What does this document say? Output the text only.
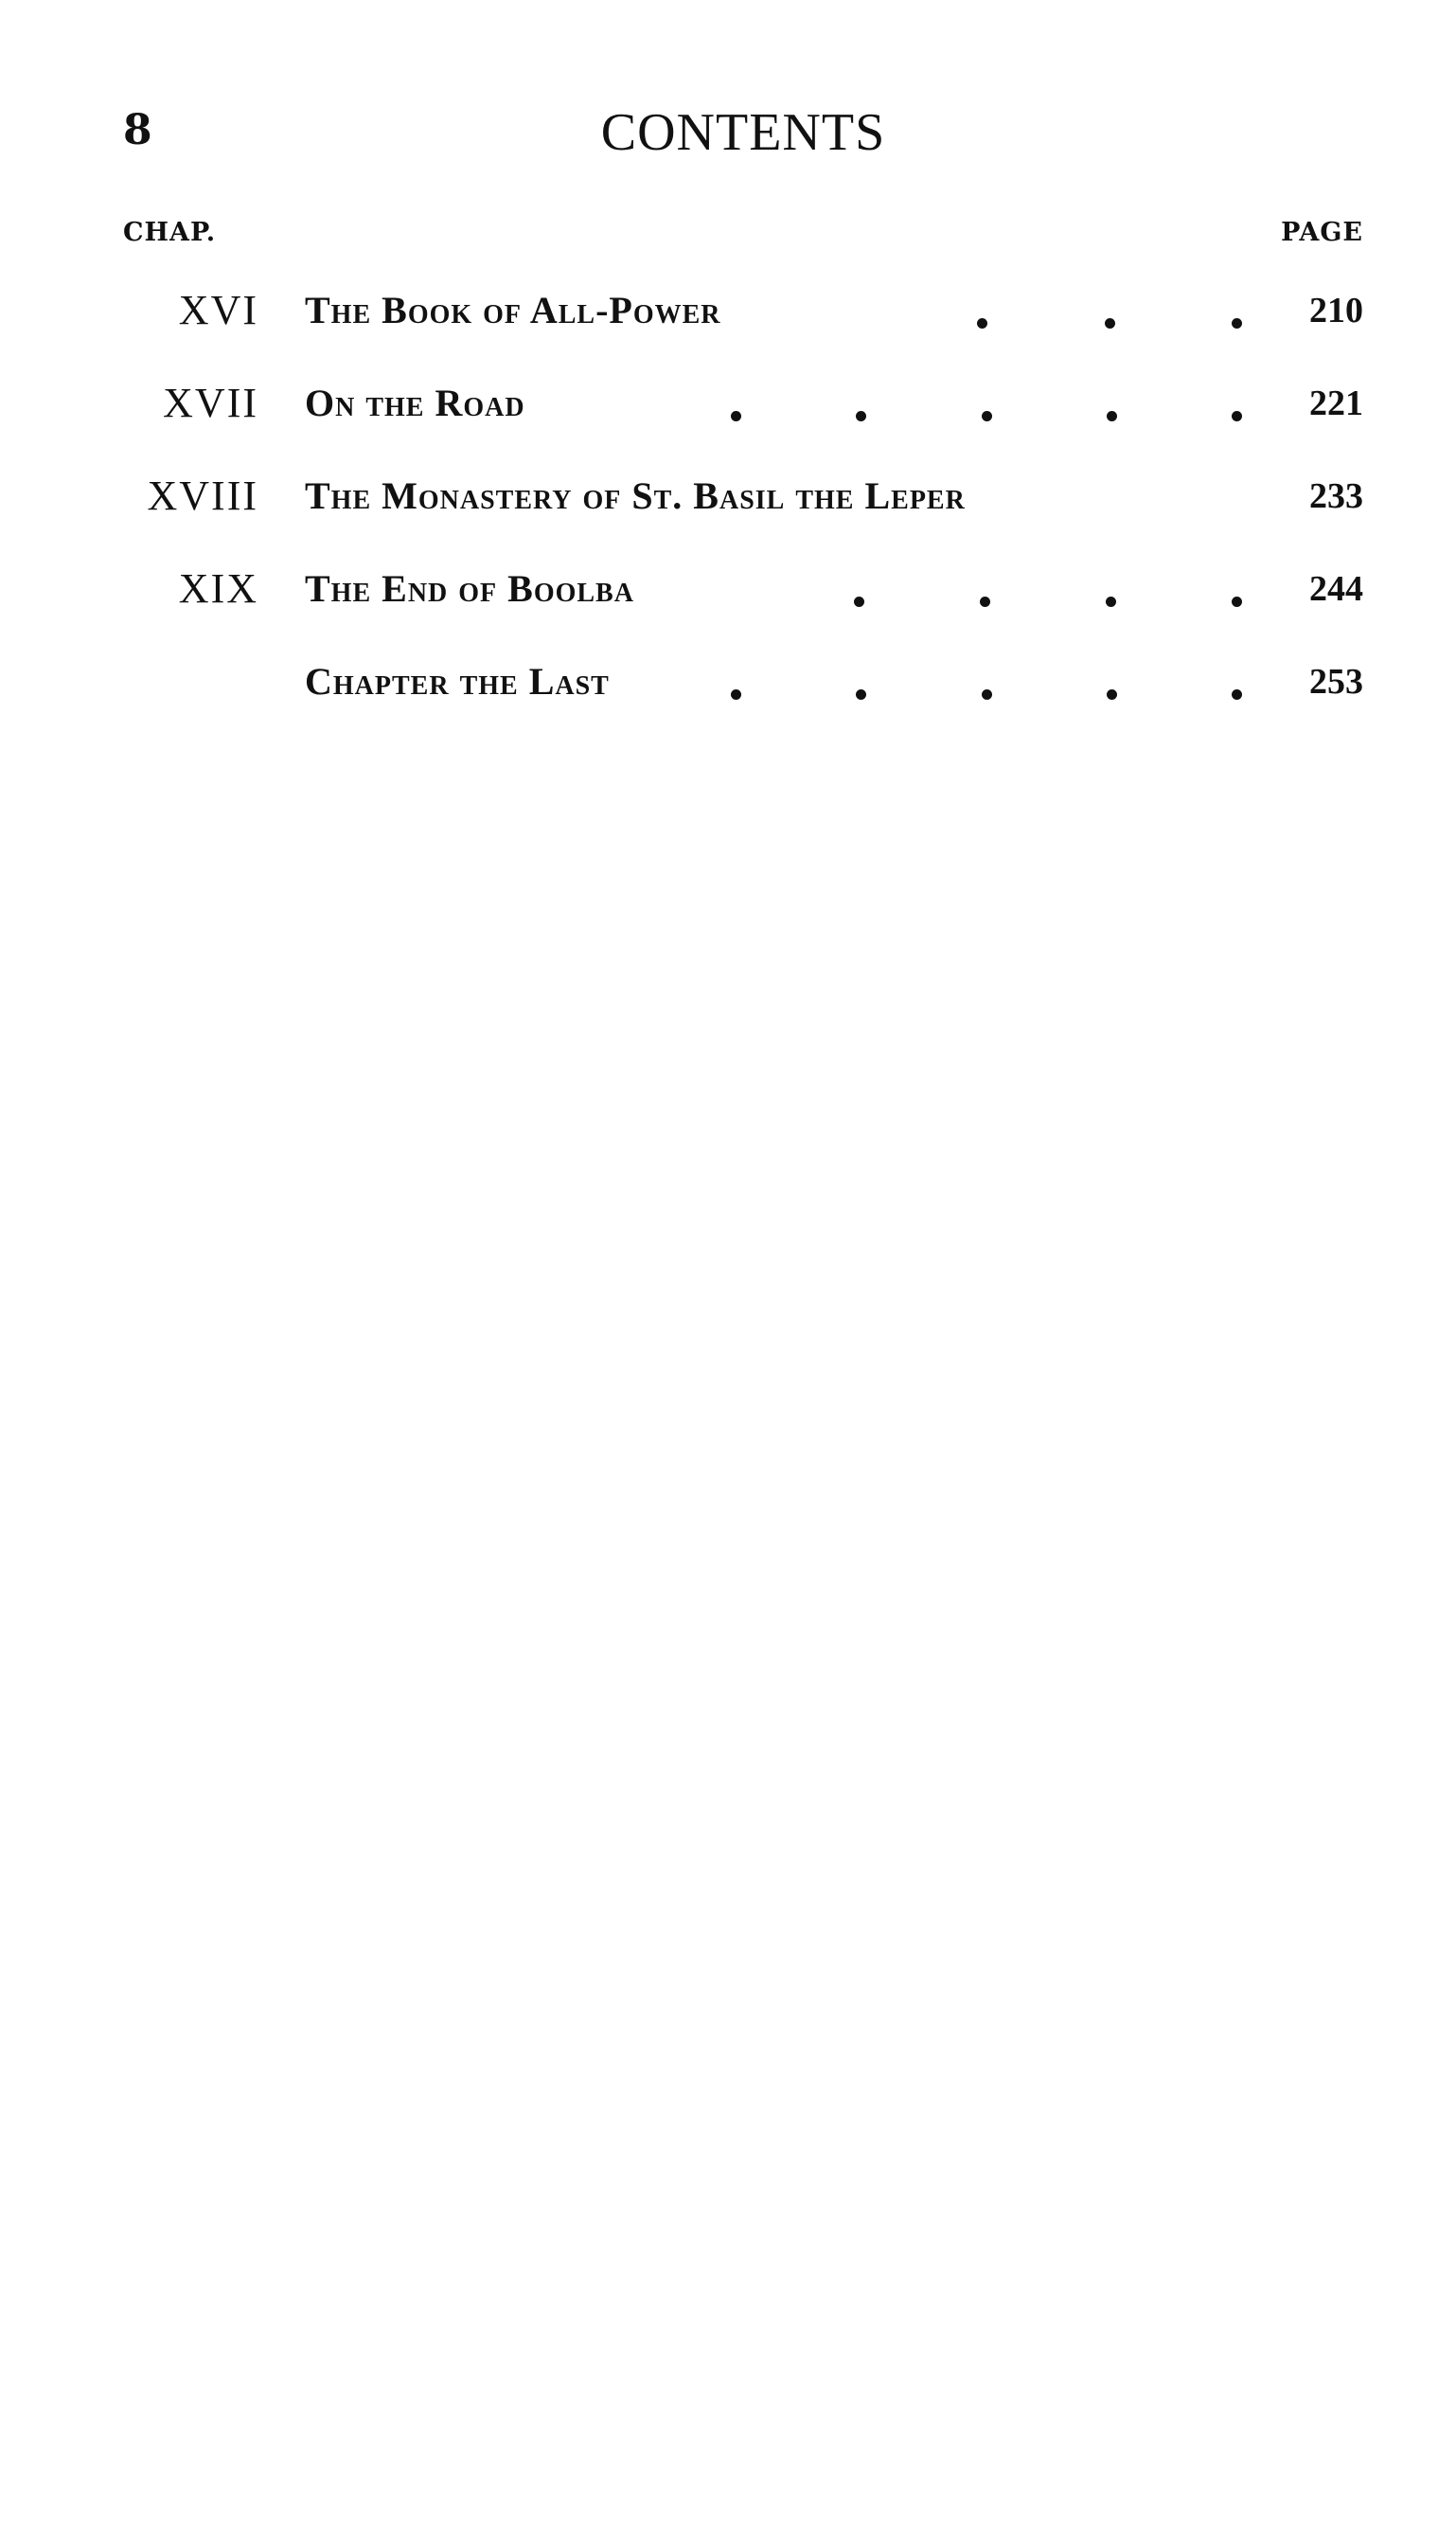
8	CONTENTS
CHAP.	PAGE
XVI The Book of All-Power	210
XVII On the Road	221
XVIII The Monastery of St. Basil the Leper	233
XIX The End of Boolba	244
Chapter the Last	253
